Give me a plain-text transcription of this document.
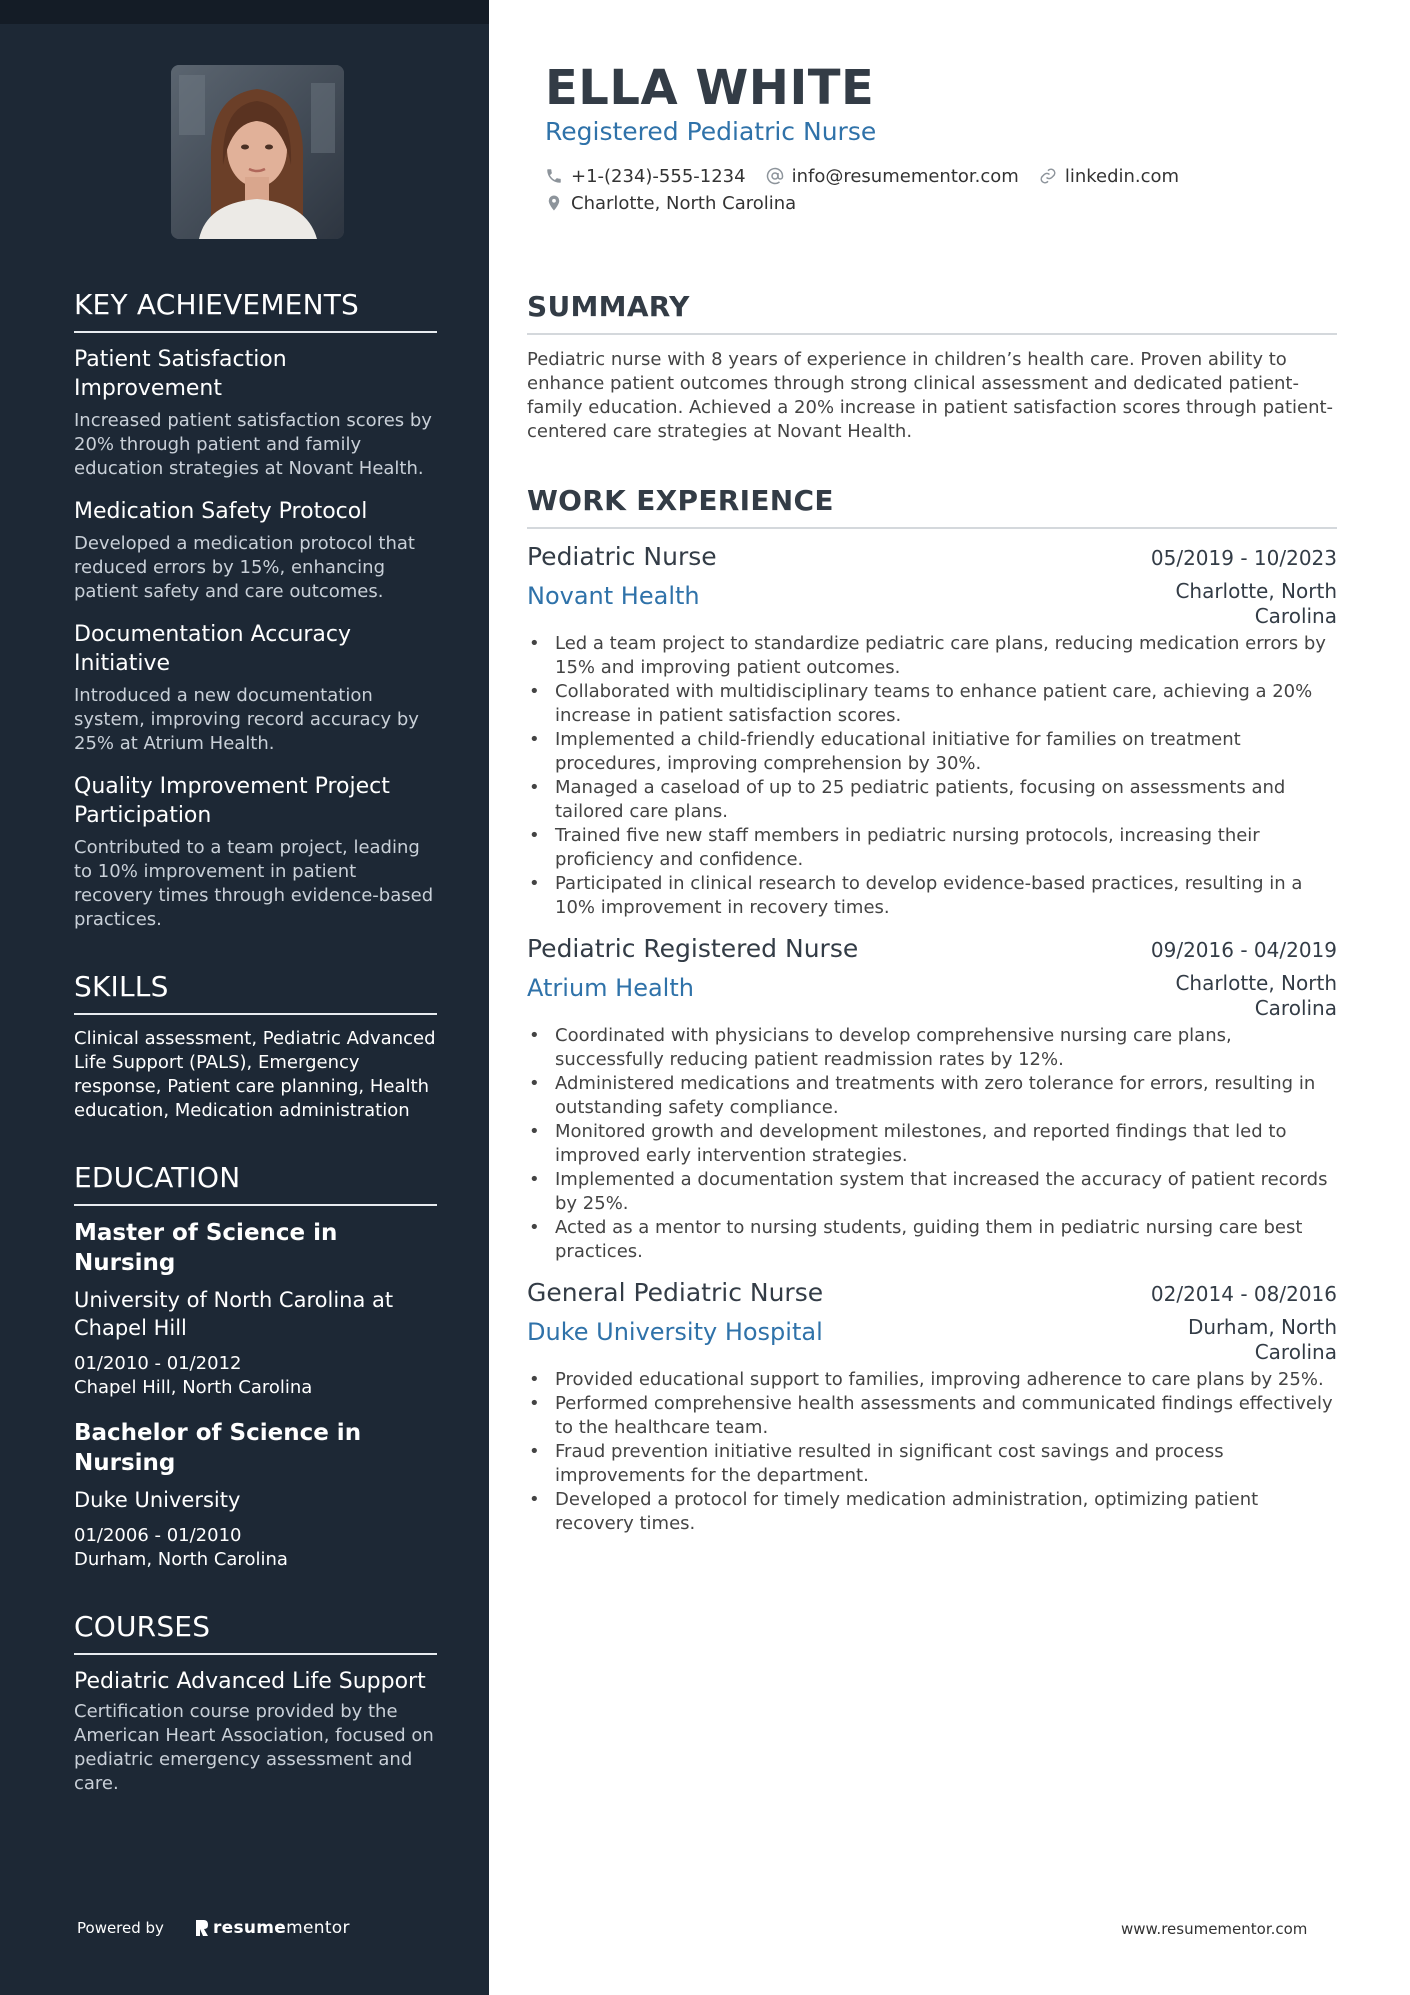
KEY ACHIEVEMENTS
Patient Satisfaction Improvement
Increased patient satisfaction scores by 20% through patient and family education strategies at Novant Health.
Medication Safety Protocol
Developed a medication protocol that reduced errors by 15%, enhancing patient safety and care outcomes.
Documentation Accuracy Initiative
Introduced a new documentation system, improving record accuracy by 25% at Atrium Health.
Quality Improvement Project Participation
Contributed to a team project, leading to 10% improvement in patient recovery times through evidence-based practices.
SKILLS
Clinical assessment, Pediatric Advanced Life Support (PALS), Emergency response, Patient care planning, Health education, Medication administration
EDUCATION
Master of Science in Nursing
University of North Carolina at Chapel Hill
01/2010 - 01/2012
Chapel Hill, North Carolina
Bachelor of Science in Nursing
Duke University
01/2006 - 01/2010
Durham, North Carolina
COURSES
Pediatric Advanced Life Support
Certification course provided by the American Heart Association, focused on pediatric emergency assessment and care.
Powered by	resume mentor
ELLA WHITE
Registered Pediatric Nurse
+1-(234)-555-1234	info@resumementor.com	linkedin.com
Charlotte, North Carolina
SUMMARY

Pediatric nurse with 8 years of experience in children’s health care. Proven ability to enhance patient outcomes through strong clinical assessment and dedicated patient-family education. Achieved a 20% increase in patient satisfaction scores through patient-centered care strategies at Novant Health.

WORK EXPERIENCE
Pediatric Nurse	05/2019 - 10/2023
Novant Health	Charlotte, North Carolina
• Led a team project to standardize pediatric care plans, reducing medication errors by 15% and improving patient outcomes.
• Collaborated with multidisciplinary teams to enhance patient care, achieving a 20% increase in patient satisfaction scores.
• Implemented a child-friendly educational initiative for families on treatment procedures, improving comprehension by 30%.
• Managed a caseload of up to 25 pediatric patients, focusing on assessments and tailored care plans.
• Trained five new staff members in pediatric nursing protocols, increasing their proficiency and confidence.
• Participated in clinical research to develop evidence-based practices, resulting in a 10% improvement in recovery times.
Pediatric Registered Nurse	09/2016 - 04/2019
Atrium Health	Charlotte, North Carolina
• Coordinated with physicians to develop comprehensive nursing care plans, successfully reducing patient readmission rates by 12%.
• Administered medications and treatments with zero tolerance for errors, resulting in outstanding safety compliance.
• Monitored growth and development milestones, and reported findings that led to improved early intervention strategies.
• Implemented a documentation system that increased the accuracy of patient records by 25%.
• Acted as a mentor to nursing students, guiding them in pediatric nursing care best practices.
General Pediatric Nurse	02/2014 - 08/2016
Duke University Hospital	Durham, North Carolina
• Provided educational support to families, improving adherence to care plans by 25%.
• Performed comprehensive health assessments and communicated findings effectively to the healthcare team.
• Fraud prevention initiative resulted in significant cost savings and process improvements for the department.
• Developed a protocol for timely medication administration, optimizing patient recovery times.
www.resumementor.com
